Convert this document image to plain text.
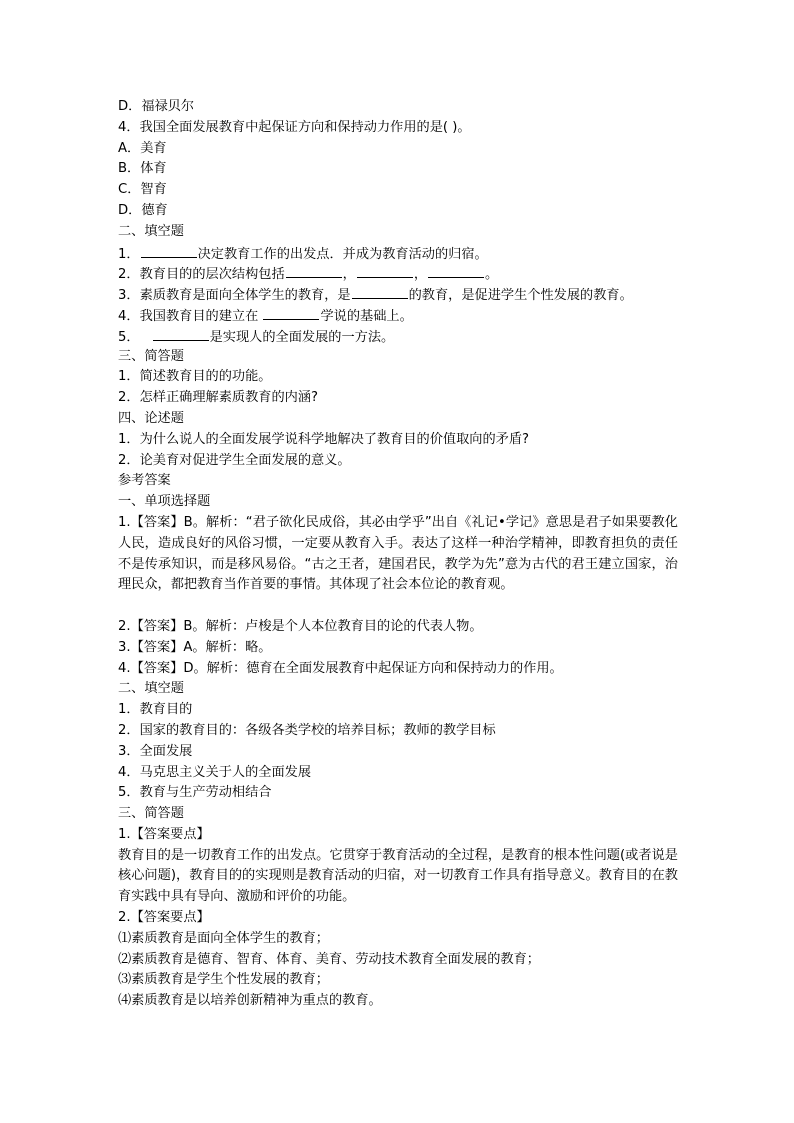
D．福禄贝尔
4．我国全面发展教育中起保证方向和保持动力作用的是( )。
A．美育
B．体育
C．智育
D．德育
二、填空题
1．	决定教育工作的出发点．并成为教育活动的归宿。
2．教育目的的层次结构包括	，	，	。
3．素质教育是面向全体学生的教育，是	的教育，是促进学生个性发展的教育。
4．我国教育目的建立在	学说的基础上。
5．	是实现人的全面发展的一方法。
三、简答题
1．简述教育目的的功能。
2．怎样正确理解素质教育的内涵?
四、论述题
1．为什么说人的全面发展学说科学地解决了教育目的价值取向的矛盾?
2．论美育对促进学生全面发展的意义。
参考答案
一、单项选择题
1.【答案】B。解析：“君子欲化民成俗，其必由学乎”出自《礼记•学记》意思是君子如果要教化人民，造成良好的风俗习惯，一定要从教育入手。表达了这样一种治学精神，即教育担负的责任不是传承知识，而是移风易俗。“古之王者，建国君民，教学为先”意为古代的君王建立国家，治理民众，都把教育当作首要的事情。其体现了社会本位论的教育观。
2.【答案】B。解析：卢梭是个人本位教育目的论的代表人物。
3.【答案】A。解析：略。
4.【答案】D。解析：德育在全面发展教育中起保证方向和保持动力的作用。
二、填空题
1．教育目的
2．国家的教育目的：各级各类学校的培养目标；教师的教学目标
3．全面发展
4．马克思主义关于人的全面发展
5．教育与生产劳动相结合
三、简答题
1.【答案要点】
教育目的是一切教育工作的出发点。它贯穿于教育活动的全过程，是教育的根本性问题(或者说是核心问题)，教育目的的实现则是教育活动的归宿，对一切教育工作具有指导意义。教育目的在教育实践中具有导向、激励和评价的功能。
2.【答案要点】
⑴素质教育是面向全体学生的教育；
⑵素质教育是德育、智育、体育、美育、劳动技术教育全面发展的教育；
⑶素质教育是学生个性发展的教育；
⑷素质教育是以培养创新精神为重点的教育。
